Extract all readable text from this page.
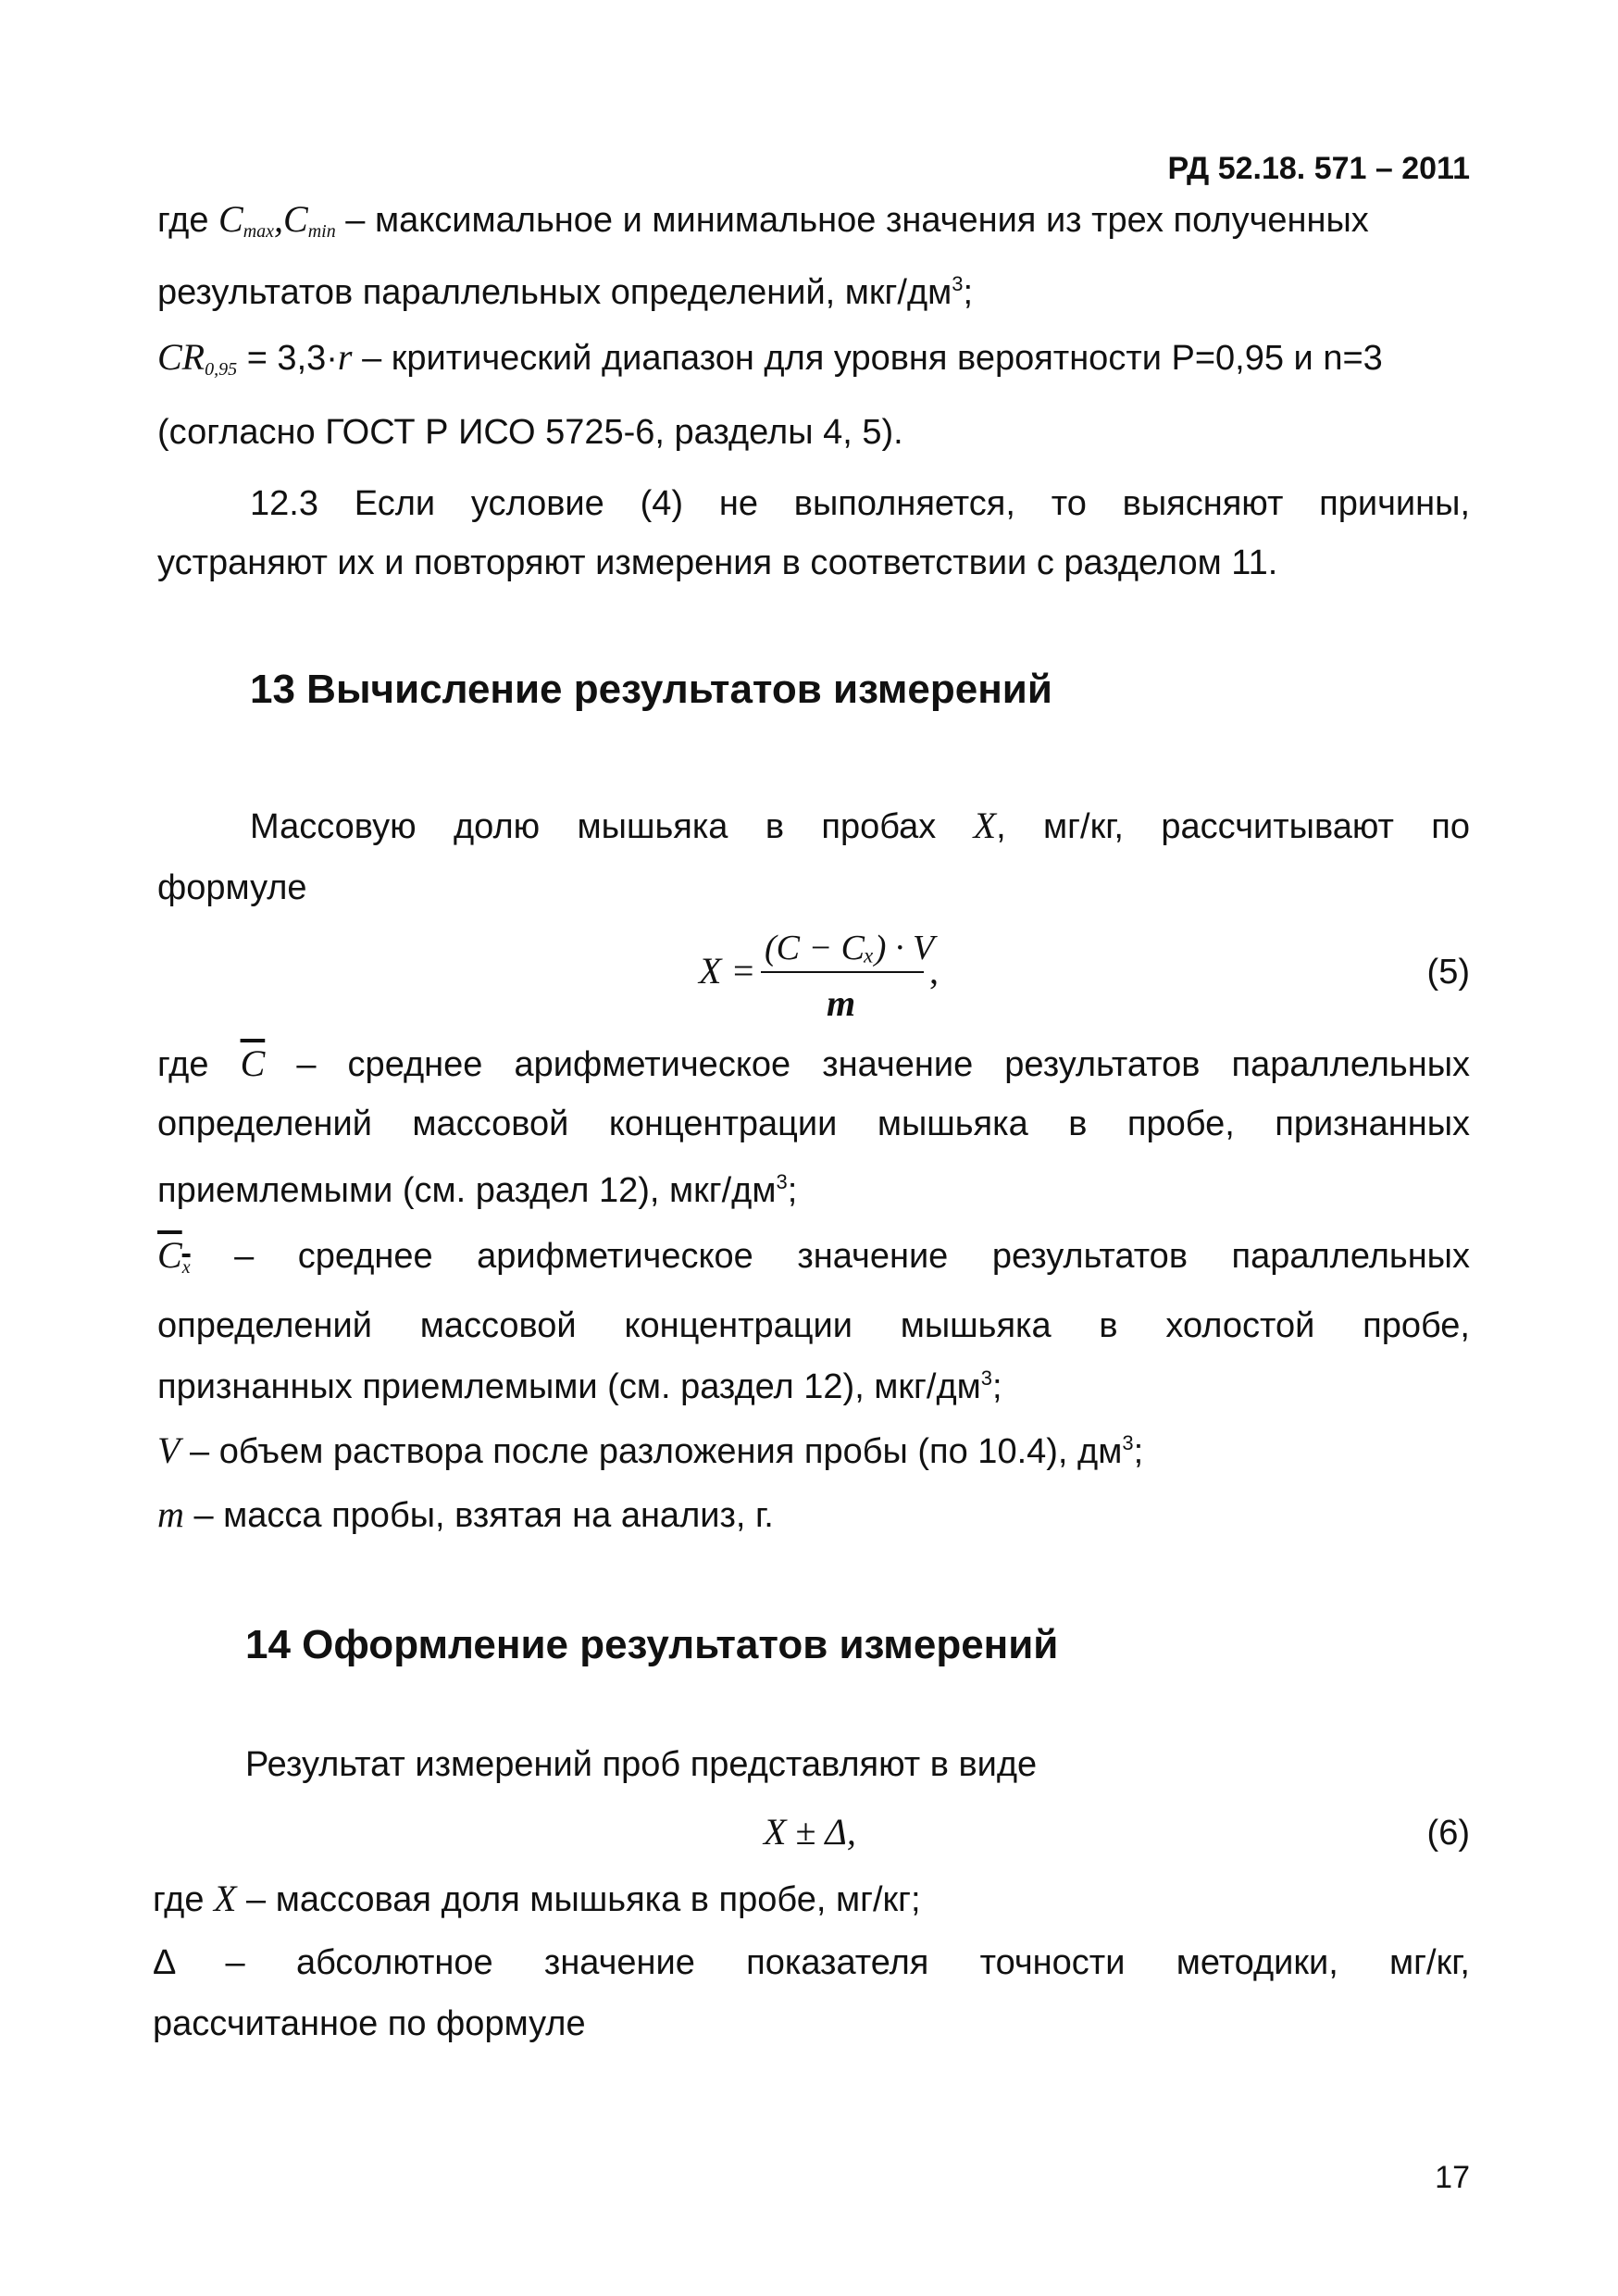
РД 52.18. 571 – 2011

где $C_{max},C_{min}$ – максимальное и минимальное значения из трех полученных

результатов параллельных определений, мкг/$дм^3$;

$CR_{0,95} = 3,3\cdot r$ – критический диапазон для уровня вероятности Р=0,95 и n=3

(согласно ГОСТ Р ИСО 5725-6, разделы 4, 5).

12.3 Если условие (4) не выполняется, то выясняют причины,

устраняют их и повторяют измерения в соответствии с разделом 11.

13 Вычисление результатов измерений

Массовую долю мышьяка в пробах X, мг/кг, рассчитывают по

формуле

X =
(C − Cₓ) · V
m
,	(5)

где $\overline{C}$ – среднее арифметическое значение результатов параллельных

определений массовой концентрации мышьяка в пробе, признанных

приемлемыми (см. раздел 12), мкг/$дм^3$;

$C_x$ – среднее арифметическое значение результатов параллельных

определений массовой концентрации мышьяка в холостой пробе,

признанных приемлемыми (см. раздел 12), мкг/$дм^3$;

V – объем раствора после разложения пробы (по 10.4), $дм^3$;

m – масса пробы, взятая на анализ, г.

14 Оформление результатов измерений

Результат измерений проб представляют в виде

X ± Δ,	(6)

где X – массовая доля мышьяка в пробе, мг/кг;

Δ – абсолютное значение показателя точности методики, мг/кг,

рассчитанное по формуле

17
